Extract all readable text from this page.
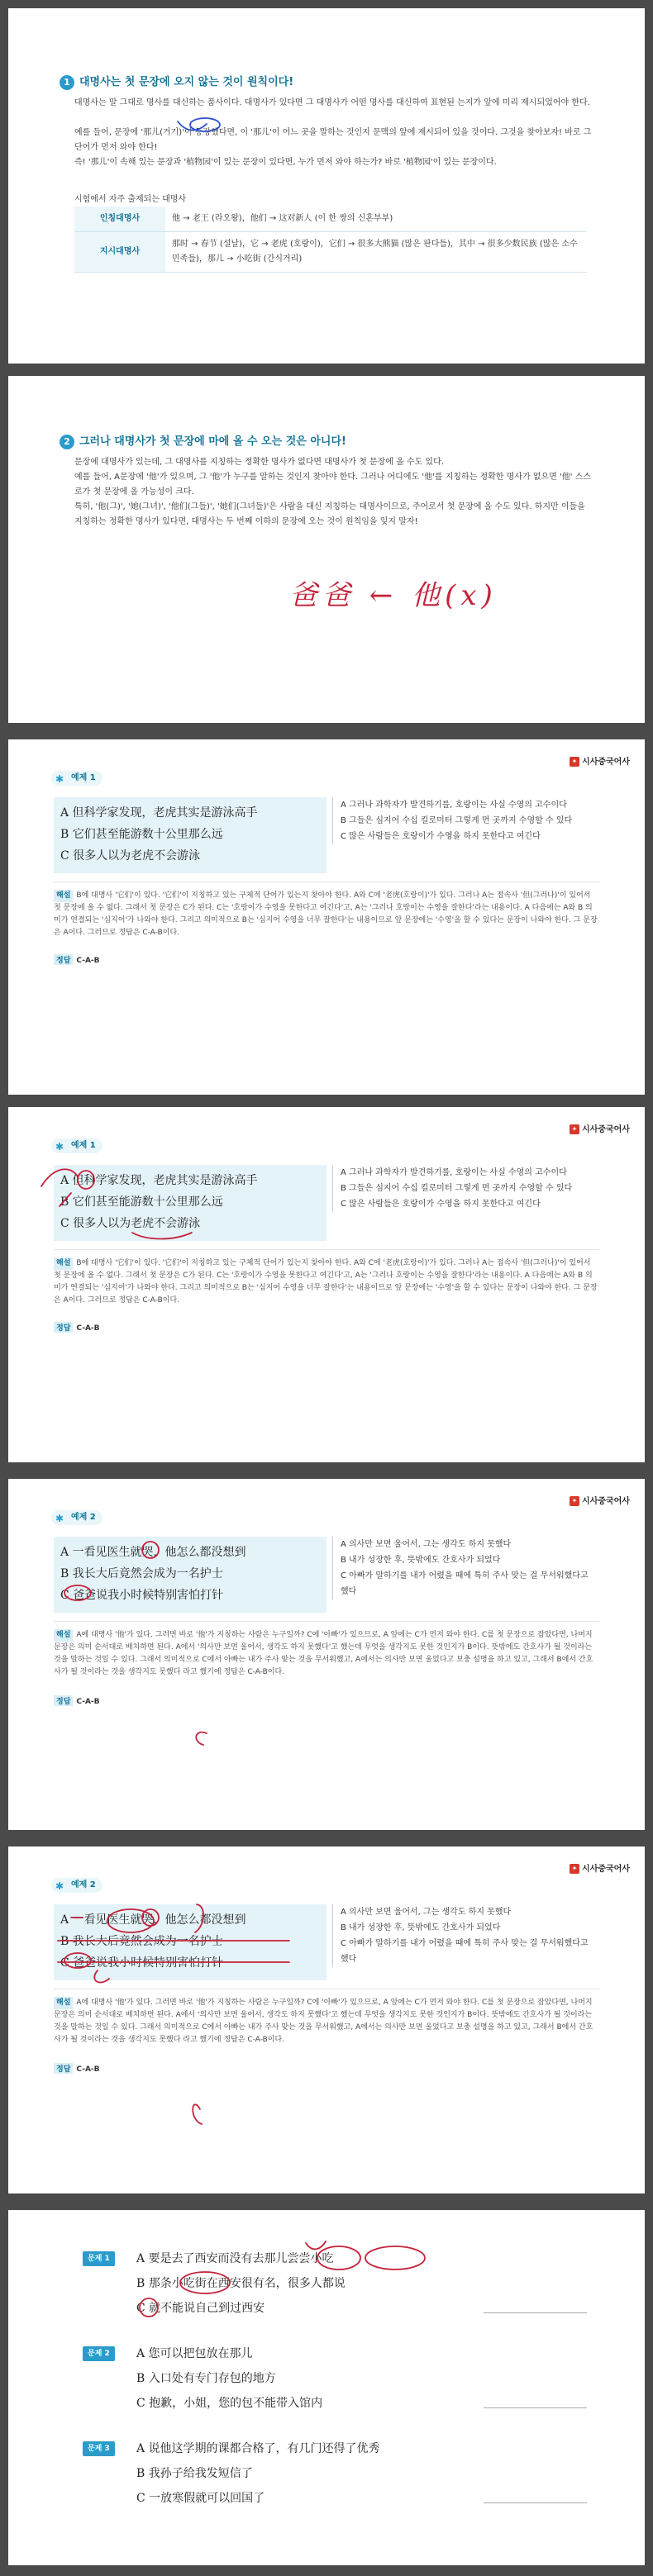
1 대명사는 첫 문장에 오지 않는 것이 원칙이다!
대명사는 말 그대로 명사를 대신하는 품사이다. 대명사가 있다면 그 대명사가 어떤 명사를 대신하여 표현된 는지가 앞에 미리 제시되었어야 한다.
예를 들어, 문장에 '那儿(거기)'이 등장했다면, 이 '那儿'이 어느 곳을 말하는 것인지 문맥의 앞에 제시되어 있을 것이다. 그것을 찾아보자! 바로 그 단어가 먼저 와야 한다!
즉! '那儿'이 속해 있는 문장과 '植物园'이 있는 문장이 있다면, 누가 먼저 와야 하는가? 바로 '植物园'이 있는 문장이다.
시험에서 자주 출제되는 대명사
인칭대명사	他 → 老王 (라오왕)，他们 → 这对新人 (이 한 쌍의 신혼부부)
지시대명사	那时 → 春节 (설날)，它 → 老虎 (호랑이)，它们 → 很多大熊猫 (많은 판다들)，其中 → 很多少数民族 (많은 소수민족들)，那儿 → 小吃街 (간식거리)
2 그러나 대명사가 첫 문장에 마에 올 수 오는 것은 아니다!
문장에 대명사가 있는데, 그 대명사를 지칭하는 정확한 명사가 없다면 대명사가 첫 문장에 올 수도 있다.
예를 들어, A문장에 '他'가 있으며, 그 '他'가 누구를 말하는 것인지 찾아야 한다. 그러나 어디에도 '他'를 지칭하는 정확한 명사가 없으면 '他' 스스로가 첫 문장에 올 가능성이 크다.
특히, '他(그)', '她(그녀)', '他们(그들)', '她们(그녀들)'은 사람을 대신 지칭하는 대명사이므로, 주어로서 첫 문장에 올 수도 있다. 하지만 이들을 지칭하는 정확한 명사가 있다면, 대명사는 두 번째 이하의 문장에 오는 것이 원칙임을 잊지 말자!
爸爸 ← 他(x)
✦ 시사중국어사
✱ 예제 1
A 但科学家发现，老虎其实是游泳高手
B 它们甚至能游数十公里那么远
C 很多人以为老虎不会游泳
A 그러나 과학자가 발견하기를, 호랑이는 사실 수영의 고수이다
B 그들은 심지어 수십 킬로미터 그렇게 먼 곳까지 수영할 수 있다
C 많은 사람들은 호랑이가 수영을 하지 못한다고 여긴다
해설 B에 대명사 '它们'이 있다. '它们'이 지칭하고 있는 구체적 단어가 있는지 찾아야 한다. A와 C에 '老虎(호랑이)'가 있다. 그러나 A는 접속사 '但(그러나)'이 있어서 첫 문장에 올 수 없다. 그래서 첫 문장은 C가 된다. C는 '호랑이가 수영을 못한다고 여긴다'고, A는 '그러나 호랑이는 수영을 잘한다'라는 내용이다. A 다음에는 A와 B 의미가 연결되는 '심지어'가 나와야 한다. 그리고 의미적으로 B는 '심지어 수영을 너무 잘한다'는 내용이므로 앞 문장에는 '수영'을 할 수 있다는 문장이 나와야 한다. 그 문장은 A이다. 그러므로 정답은 C-A-B이다.
정답 C-A-B
✦ 시사중국어사
✱ 예제 1
A 但科学家发现，老虎其实是游泳高手
B 它们甚至能游数十公里那么远
C 很多人以为老虎不会游泳
A 그러나 과학자가 발견하기를, 호랑이는 사실 수영의 고수이다
B 그들은 심지어 수십 킬로미터 그렇게 먼 곳까지 수영할 수 있다
C 많은 사람들은 호랑이가 수영을 하지 못한다고 여긴다
해설 B에 대명사 '它们'이 있다. '它们'이 지칭하고 있는 구체적 단어가 있는지 찾아야 한다. A와 C에 '老虎(호랑이)'가 있다. 그러나 A는 접속사 '但(그러나)'이 있어서 첫 문장에 올 수 없다. 그래서 첫 문장은 C가 된다. C는 '호랑이가 수영을 못한다고 여긴다'고, A는 '그러나 호랑이는 수영을 잘한다'라는 내용이다. A 다음에는 A와 B 의미가 연결되는 '심지어'가 나와야 한다. 그리고 의미적으로 B는 '심지어 수영을 너무 잘한다'는 내용이므로 앞 문장에는 '수영'을 할 수 있다는 문장이 나와야 한다. 그 문장은 A이다. 그러므로 정답은 C-A-B이다.
정답 C-A-B
✦ 시사중국어사
✱ 예제 2
A 一看见医生就哭，他怎么都没想到
B 我长大后竟然会成为一名护士
C 爸爸说我小时候特别害怕打针
A 의사만 보면 울어서, 그는 생각도 하지 못했다
B 내가 성장한 후, 뜻밖에도 간호사가 되었다
C 아빠가 말하기를 내가 어렸을 때에 특히 주사 맞는 걸 무서워했다고 했다
해설 A에 대명사 '他'가 있다. 그러면 바로 '他'가 지칭하는 사람은 누구일까? C에 '아빠'가 있으므로, A 앞에는 C가 먼저 와야 한다. C를 첫 문장으로 잡았다면, 나머지 문장은 의미 순서대로 배치하면 된다. A에서 '의사만 보면 울어서, 생각도 하지 못했다'고 했는데 무엇을 생각지도 못한 것인지가 B이다. 뜻밖에도 간호사가 될 것이라는 것을 말하는 것일 수 있다. 그래서 의미적으로 C에서 아빠는 내가 주사 맞는 것을 무서워했고, A에서는 의사만 보면 울었다고 보충 설명을 하고 있고, 그래서 B에서 간호사가 될 것이라는 것을 생각지도 못했다 라고 했기에 정답은 C-A-B이다.
정답 C-A-B
✦ 시사중국어사
✱ 예제 2
A 一看见医生就哭，他怎么都没想到
B 我长大后竟然会成为一名护士
C 爸爸说我小时候特别害怕打针
A 의사만 보면 울어서, 그는 생각도 하지 못했다
B 내가 성장한 후, 뜻밖에도 간호사가 되었다
C 아빠가 말하기를 내가 어렸을 때에 특히 주사 맞는 걸 무서워했다고 했다
해설 A에 대명사 '他'가 있다. 그러면 바로 '他'가 지칭하는 사람은 누구일까? C에 '아빠'가 있으므로, A 앞에는 C가 먼저 와야 한다. C를 첫 문장으로 잡았다면, 나머지 문장은 의미 순서대로 배치하면 된다. A에서 '의사만 보면 울어서, 생각도 하지 못했다'고 했는데 무엇을 생각지도 못한 것인지가 B이다. 뜻밖에도 간호사가 될 것이라는 것을 말하는 것일 수 있다. 그래서 의미적으로 C에서 아빠는 내가 주사 맞는 것을 무서워했고, A에서는 의사만 보면 울었다고 보충 설명을 하고 있고, 그래서 B에서 간호사가 될 것이라는 것을 생각지도 못했다 라고 했기에 정답은 C-A-B이다.
정답 C-A-B
문제 1	A 要是去了西安而没有去那儿尝尝小吃
B 那条小吃街在西安很有名，很多人都说
C 就不能说自己到过西安
문제 2	A 您可以把包放在那儿
B 入口处有专门存包的地方
C 抱歉，小姐，您的包不能带入馆内
문제 3	A 说他这学期的课都合格了，有几门还得了优秀
B 我孙子给我发短信了
C 一放寒假就可以回国了
